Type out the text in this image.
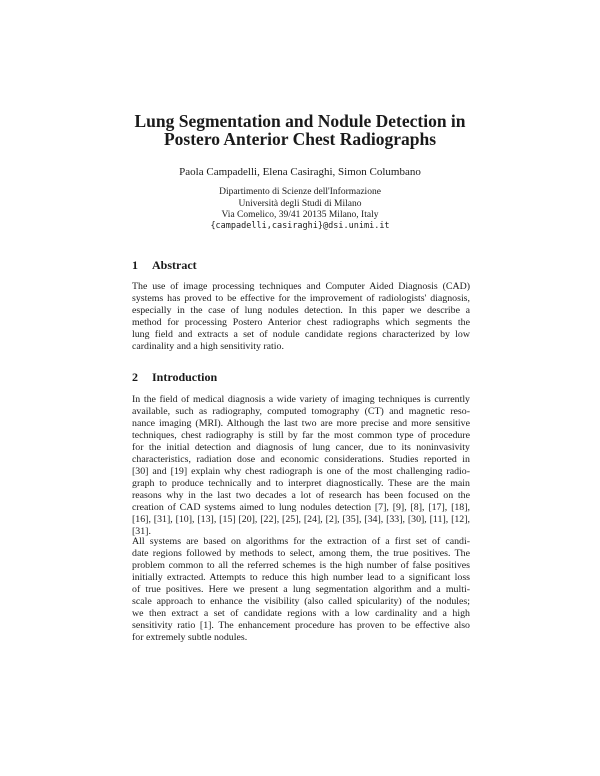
Lung Segmentation and Nodule Detection in
Postero Anterior Chest Radiographs
Paola Campadelli, Elena Casiraghi, Simon Columbano
Dipartimento di Scienze dell'Informazione
Università degli Studi di Milano
Via Comelico, 39/41 20135 Milano, Italy
{campadelli,casiraghi}@dsi.unimi.it
1 Abstract
The use of image processing techniques and Computer Aided Diagnosis (CAD)
systems has proved to be effective for the improvement of radiologists' diagnosis,
especially in the case of lung nodules detection. In this paper we describe a
method for processing Postero Anterior chest radiographs which segments the
lung field and extracts a set of nodule candidate regions characterized by low
cardinality and a high sensitivity ratio.
2 Introduction
In the field of medical diagnosis a wide variety of imaging techniques is currently
available, such as radiography, computed tomography (CT) and magnetic reso-
nance imaging (MRI). Although the last two are more precise and more sensitive
techniques, chest radiography is still by far the most common type of procedure
for the initial detection and diagnosis of lung cancer, due to its noninvasivity
characteristics, radiation dose and economic considerations. Studies reported in
[30] and [19] explain why chest radiograph is one of the most challenging radio-
graph to produce technically and to interpret diagnostically. These are the main
reasons why in the last two decades a lot of research has been focused on the
creation of CAD systems aimed to lung nodules detection [7], [9], [8], [17], [18],
[16], [31], [10], [13], [15] [20], [22], [25], [24], [2], [35], [34], [33], [30], [11], [12],
[31].
All systems are based on algorithms for the extraction of a first set of candi-
date regions followed by methods to select, among them, the true positives. The
problem common to all the referred schemes is the high number of false positives
initially extracted. Attempts to reduce this high number lead to a significant loss
of true positives. Here we present a lung segmentation algorithm and a multi-
scale approach to enhance the visibility (also called spicularity) of the nodules;
we then extract a set of candidate regions with a low cardinality and a high
sensitivity ratio [1]. The enhancement procedure has proven to be effective also
for extremely subtle nodules.
